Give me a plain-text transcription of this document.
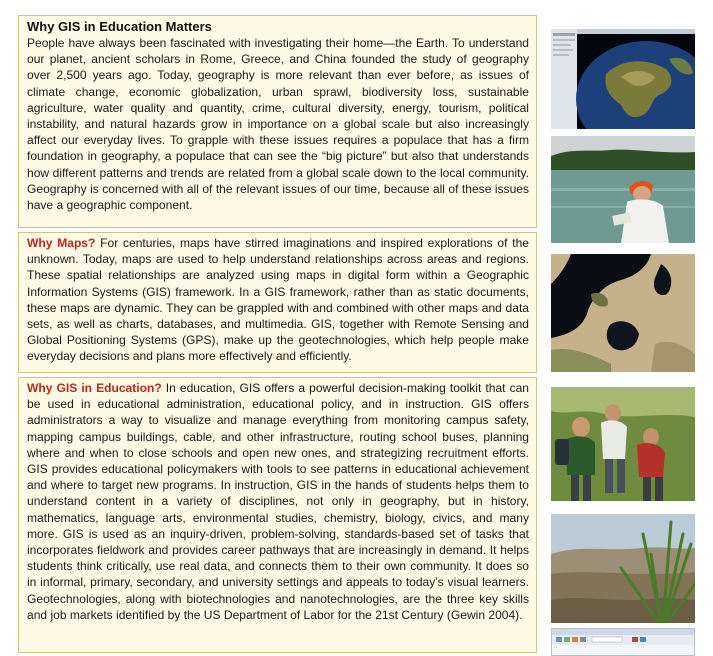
Why GIS in Education Matters

People have always been fascinated with investigating their home—the Earth. To understand our planet, ancient scholars in Rome, Greece, and China founded the study of geography over 2,500 years ago. Today, geography is more relevant than ever before, as issues of climate change, economic globalization, urban sprawl, biodiversity loss, sustainable agriculture, water quality and quantity, crime, cultural diversity, energy, tourism, political instability, and natural hazards grow in importance on a global scale but also increasingly affect our everyday lives. To grapple with these issues requires a populace that has a firm foundation in geography, a populace that can see the “big picture” but also that understands how different patterns and trends are related from a global scale down to the local community. Geography is concerned with all of the relevant issues of our time, because all of these issues have a geographic component.

Why Maps? For centuries, maps have stirred imaginations and inspired explorations of the unknown. Today, maps are used to help understand relationships across areas and regions. These spatial relationships are analyzed using maps in digital form within a Geographic Information Systems (GIS) framework. In a GIS framework, rather than as static documents, these maps are dynamic. They can be grappled with and combined with other maps and data sets, as well as charts, databases, and multimedia. GIS, together with Remote Sensing and Global Positioning Systems (GPS), make up the geotechnologies, which help people make everyday decisions and plans more effectively and efficiently.

Why GIS in Education? In education, GIS offers a powerful decision-making toolkit that can be used in educational administration, educational policy, and in instruction. GIS offers administrators a way to visualize and manage everything from monitoring campus safety, mapping campus buildings, cable, and other infrastructure, routing school buses, planning where and when to close schools and open new ones, and strategizing recruitment efforts. GIS provides educational policymakers with tools to see patterns in educational achievement and where to target new programs. In instruction, GIS in the hands of students helps them to understand content in a variety of disciplines, not only in geography, but in history, mathematics, language arts, environmental studies, chemistry, biology, civics, and many more. GIS is used as an inquiry-driven, problem-solving, standards-based set of tasks that incorporates fieldwork and provides career pathways that are increasingly in demand. It helps students think critically, use real data, and connects them to their own community. It does so in informal, primary, secondary, and university settings and appeals to today’s visual learners. Geotechnologies, along with biotechnologies and nanotechnologies, are the three key skills and job markets identified by the US Department of Labor for the 21st Century (Gewin 2004).
